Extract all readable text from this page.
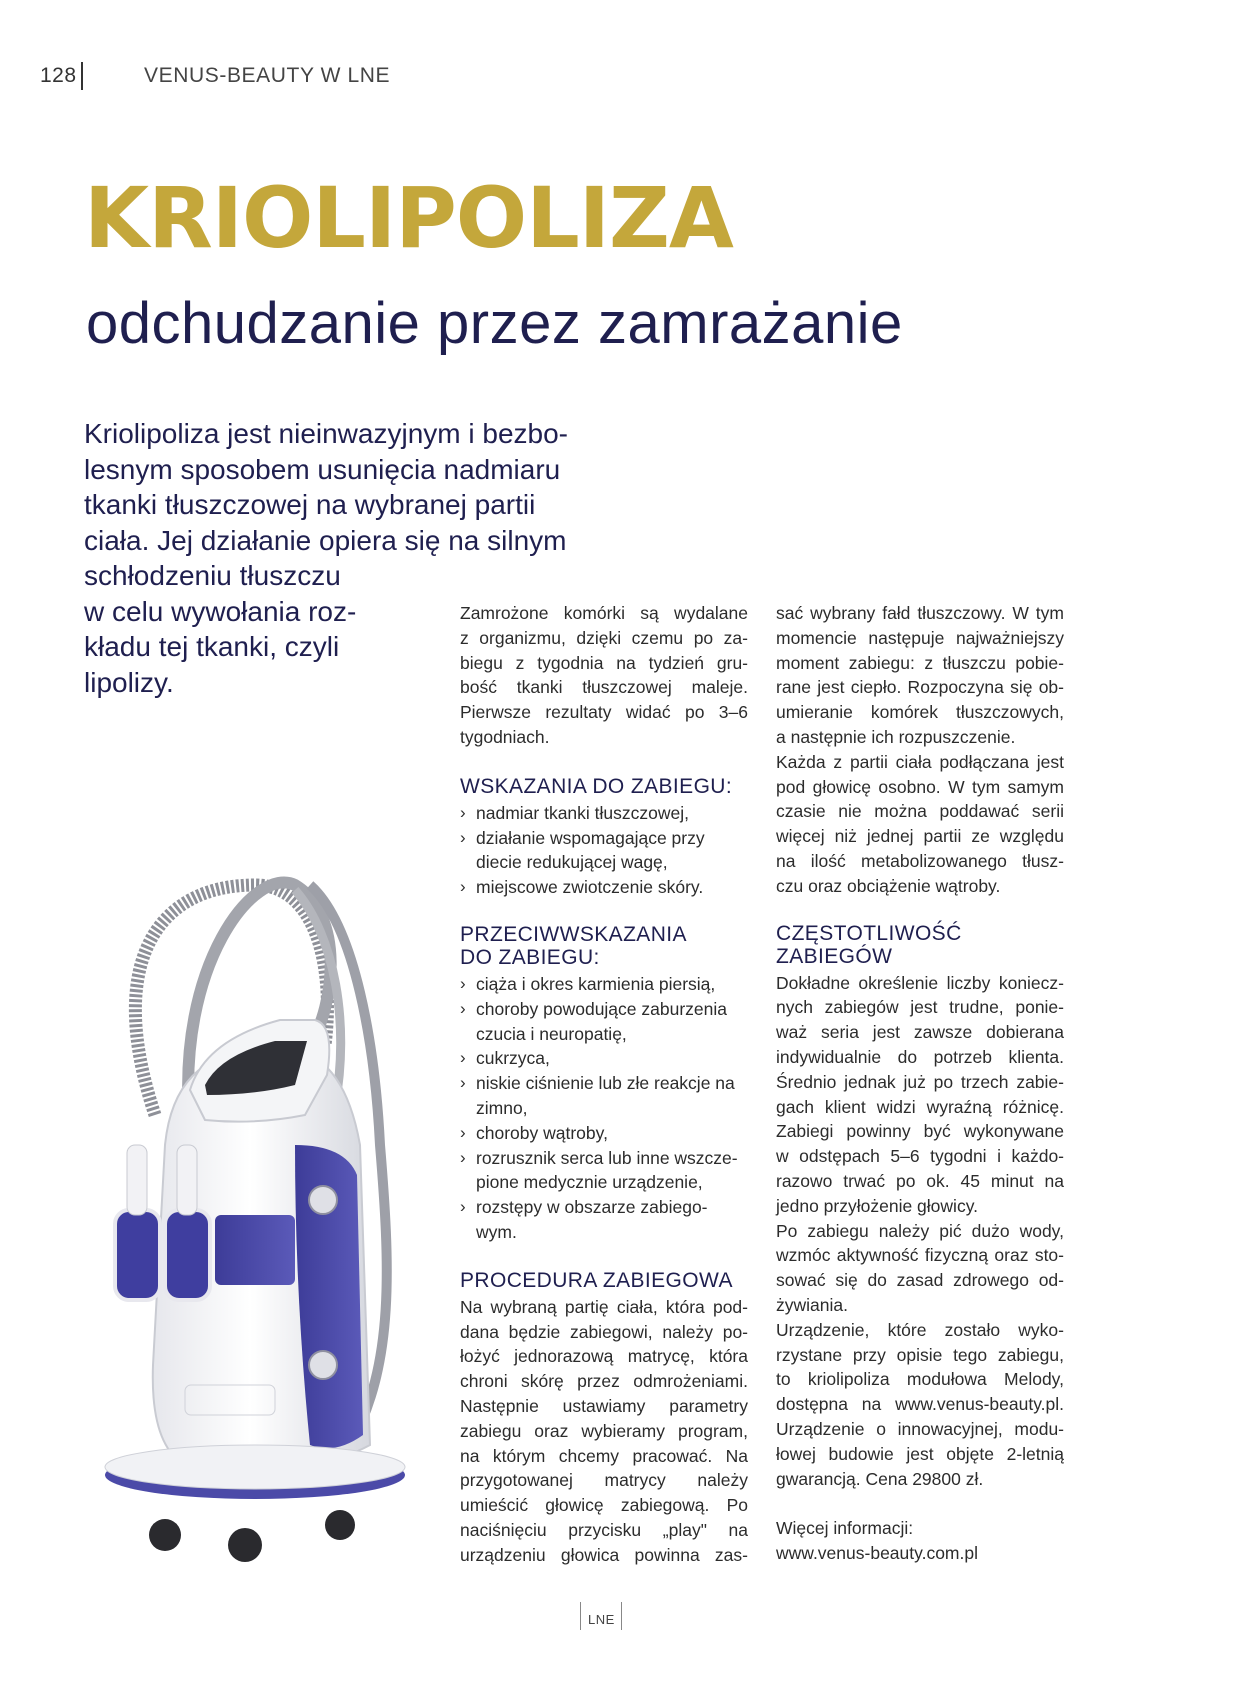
128	VENUS-BEAUTY W LNE
KRIOLIPOLIZA
odchudzanie przez zamrażanie

Kriolipoliza jest nieinwazyjnym i bezbo-

lesnym sposobem usunięcia nadmiaru

tkanki tłuszczowej na wybranej partii

ciała. Jej działanie opiera się na silnym

schłodzeniu tłuszczu

w celu wywołania roz-

kładu tej tkanki, czyli

lipolizy.

Zamrożone komórki są wydalane

z organizmu, dzięki czemu po za-

biegu z tygodnia na tydzień gru-

bość tkanki tłuszczowej maleje.

Pierwsze rezultaty widać po 3–6

tygodniach.

WSKAZANIA DO ZABIEGU:
› nadmiar tkanki tłuszczowej,
› działanie wspomagające przy diecie redukującej wagę,
› miejscowe zwiotczenie skóry.
PRZECIWWSKAZANIA
DO ZABIEGU:
› ciąża i okres karmienia piersią,
› choroby powodujące zaburzenia czucia i neuropatię,
› cukrzyca,
› niskie ciśnienie lub złe reakcje na zimno,
› choroby wątroby,
› rozrusznik serca lub inne wszcze-pione medycznie urządzenie,
› rozstępy w obszarze zabiego-wym.
PROCEDURA ZABIEGOWA

Na wybraną partię ciała, która pod-

dana będzie zabiegowi, należy po-

łożyć jednorazową matrycę, która

chroni skórę przez odmrożeniami.

Następnie ustawiamy parametry

zabiegu oraz wybieramy program,

na którym chcemy pracować. Na

przygotowanej matrycy należy

umieścić głowicę zabiegową. Po

naciśnięciu przycisku „play" na

urządzeniu głowica powinna zas-

sać wybrany fałd tłuszczowy. W tym

momencie następuje najważniejszy

moment zabiegu: z tłuszczu pobie-

rane jest ciepło. Rozpoczyna się ob-

umieranie komórek tłuszczowych,

a następnie ich rozpuszczenie.

Każda z partii ciała podłączana jest

pod głowicę osobno. W tym samym

czasie nie można poddawać serii

więcej niż jednej partii ze względu

na ilość metabolizowanego tłusz-

czu oraz obciążenie wątroby.

CZĘSTOTLIWOŚĆ
ZABIEGÓW

Dokładne określenie liczby koniecz-

nych zabiegów jest trudne, ponie-

waż seria jest zawsze dobierana

indywidualnie do potrzeb klienta.

Średnio jednak już po trzech zabie-

gach klient widzi wyraźną różnicę.

Zabiegi powinny być wykonywane

w odstępach 5–6 tygodni i każdo-

razowo trwać po ok. 45 minut na

jedno przyłożenie głowicy.

Po zabiegu należy pić dużo wody,

wzmóc aktywność fizyczną oraz sto-

sować się do zasad zdrowego od-

żywiania.

Urządzenie, które zostało wyko-

rzystane przy opisie tego zabiegu,

to kriolipoliza modułowa Melody,

dostępna na www.venus-beauty.pl.

Urządzenie o innowacyjnej, modu-

łowej budowie jest objęte 2-letnią

gwarancją. Cena 29800 zł.

Więcej informacji:

www.venus-beauty.com.pl

LNE
